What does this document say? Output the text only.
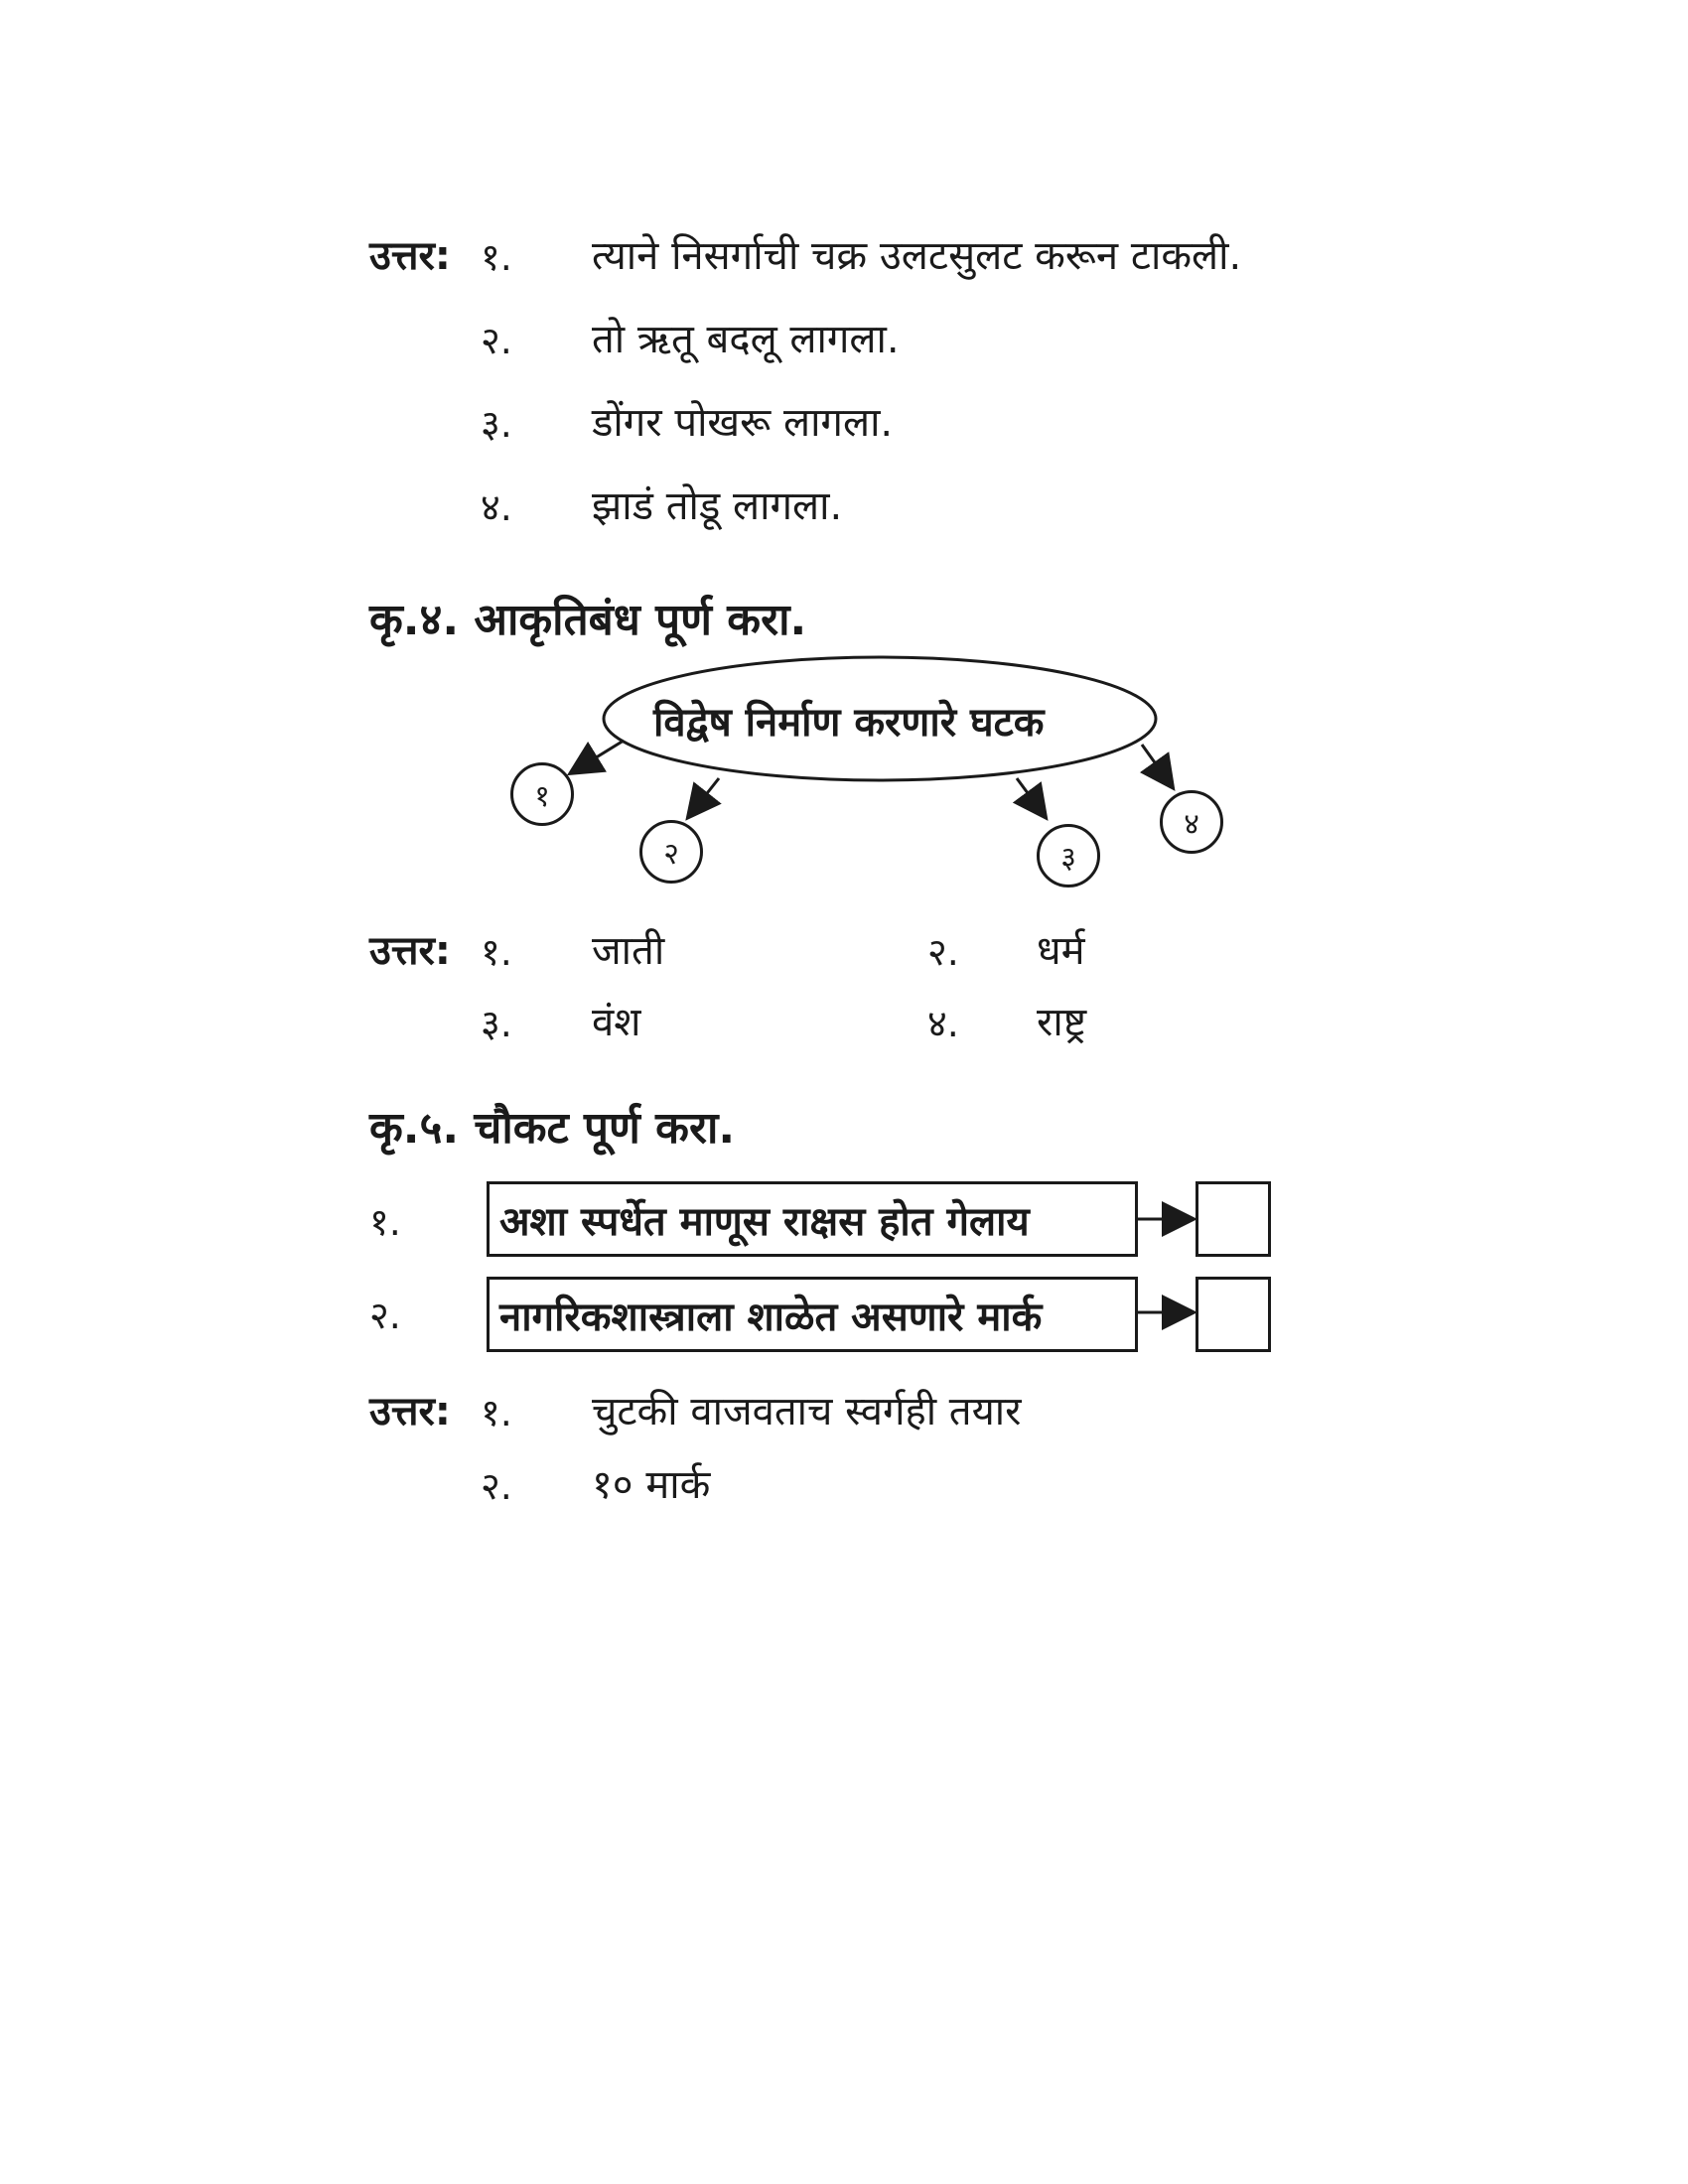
उत्तर: १. त्याने निसर्गाची चक्र उलटसुलट करून टाकली.
२. तो ऋतू बदलू लागला.
३. डोंगर पोखरू लागला.
४. झाडं तोडू लागला.
कृ.४. आकृतिबंध पूर्ण करा.
विद्वेष निर्माण करणारे घटक
१
२	३
४
उत्तर: १. जाती	२. धर्म
३. वंश	४. राष्ट्र
कृ.५. चौकट पूर्ण करा.
१. अशा स्पर्धेत माणूस राक्षस होत गेलाय
२. नागरिकशास्त्राला शाळेत असणारे मार्क
उत्तर: १. चुटकी वाजवताच स्वर्गही तयार
२. १० मार्क
